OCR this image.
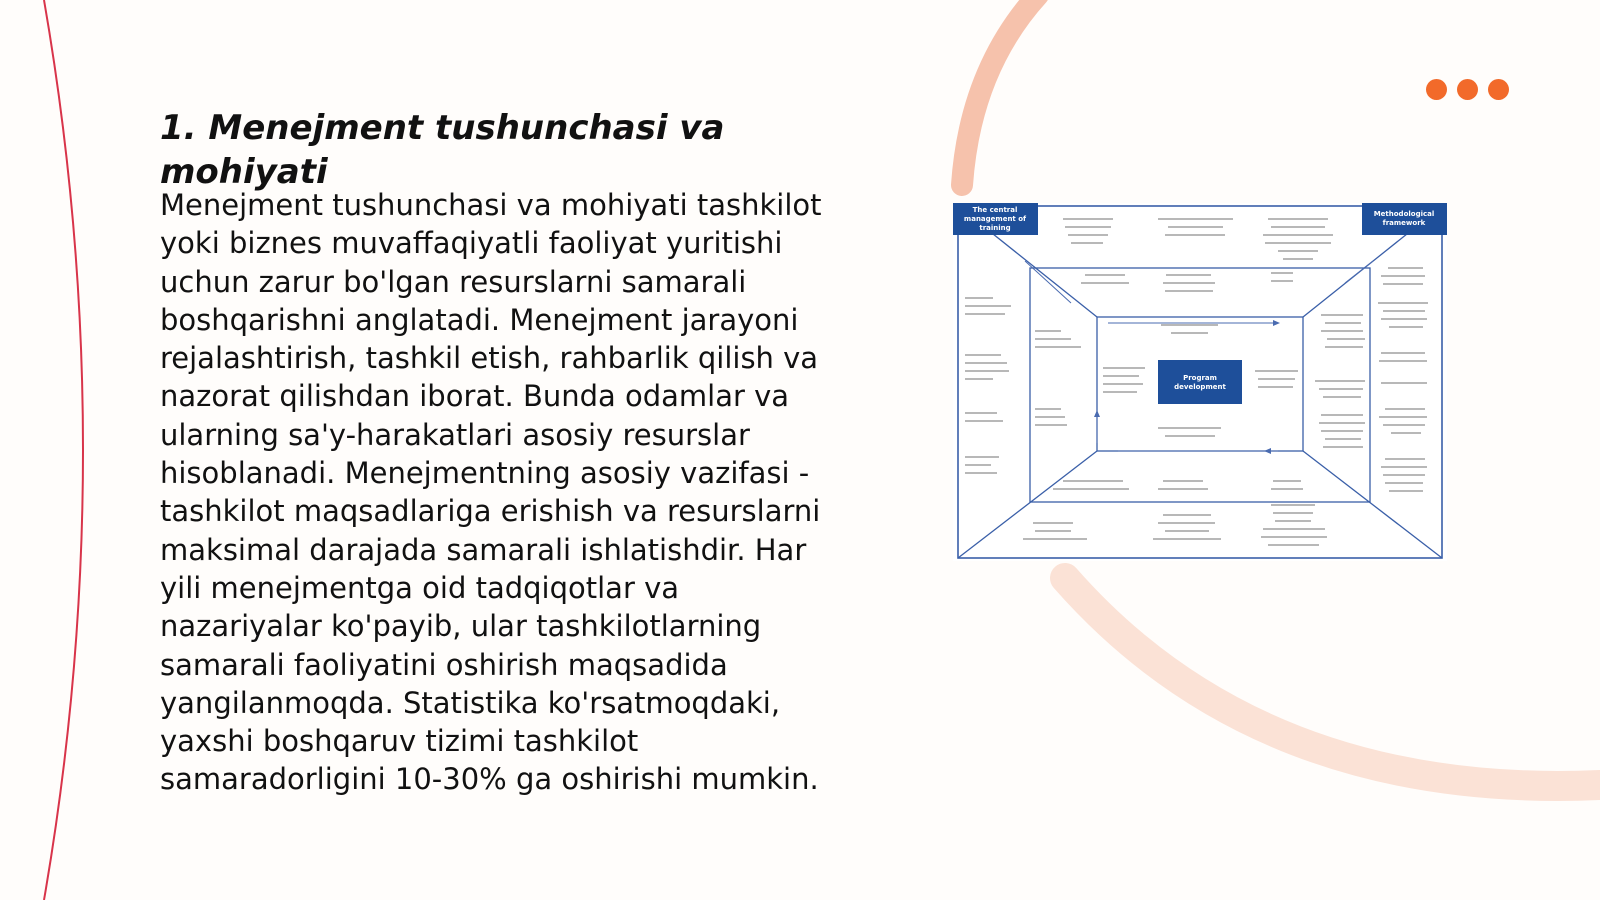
1. Menejment tushunchasi va mohiyati

Menejment tushunchasi va mohiyati tashkilot yoki biznes muvaffaqiyatli faoliyat yuritishi uchun zarur bo'lgan resurslarni samarali boshqarishni anglatadi. Menejment jarayoni rejalashtirish, tashkil etish, rahbarlik qilish va nazorat qilishdan iborat. Bunda odamlar va ularning sa'y-harakatlari asosiy resurslar hisoblanadi. Menejmentning asosiy vazifasi - tashkilot maqsadlariga erishish va resurslarni maksimal darajada samarali ishlatishdir. Har yili menejmentga oid tadqiqotlar va nazariyalar ko'payib, ular tashkilotlarning samarali faoliyatini oshirish maqsadida yangilanmoqda. Statistika ko'rsatmoqdaki, yaxshi boshqaruv tizimi tashkilot samaradorligini 10-30% ga oshirishi mumkin.

The central
management of
training
Methodological
framework
Program
development
